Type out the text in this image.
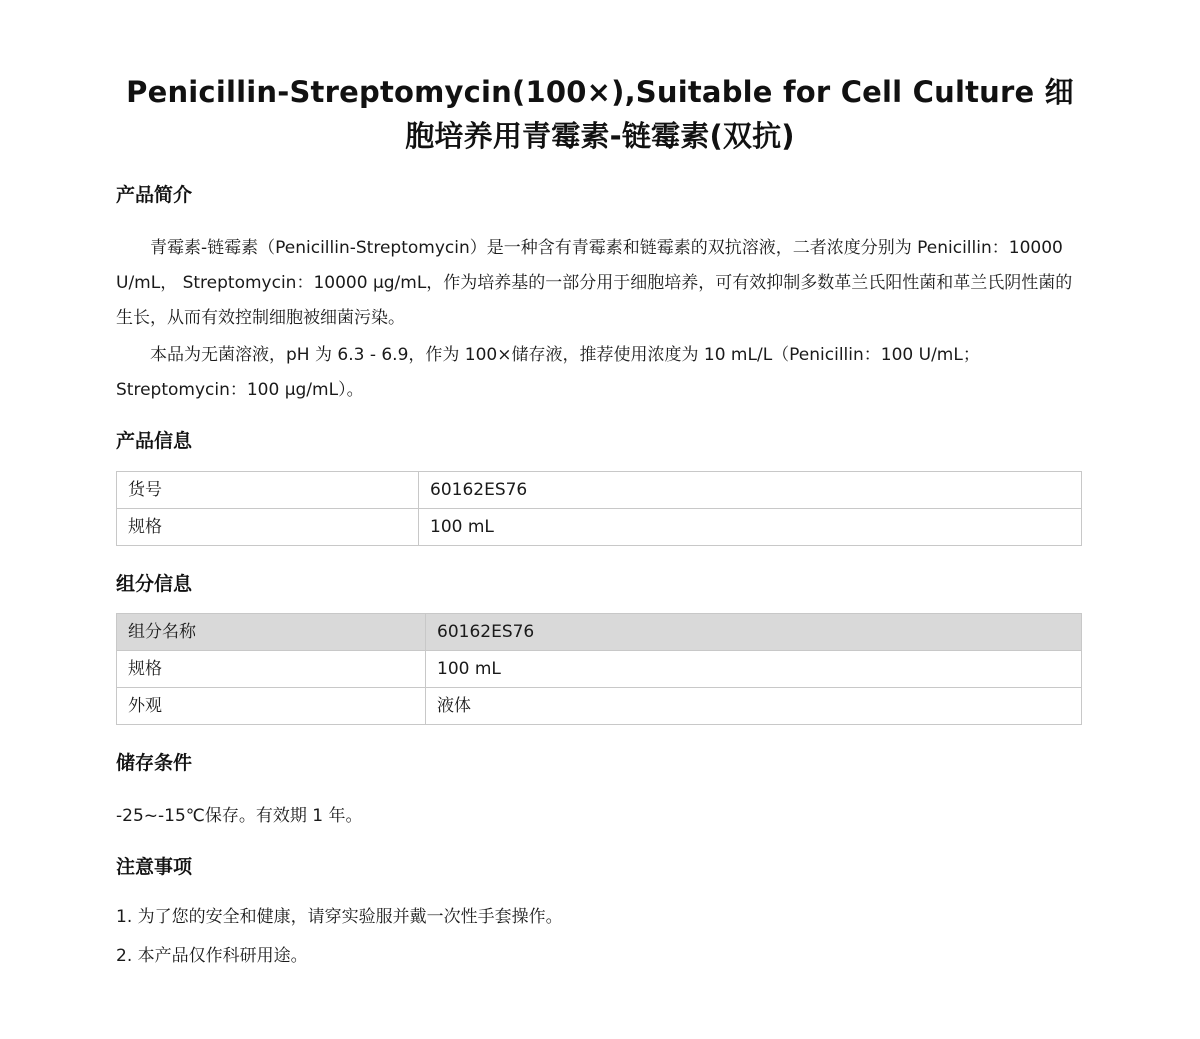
Penicillin-Streptomycin(100×),Suitable for Cell Culture 细胞培养用青霉素-链霉素(双抗)
产品简介

青霉素-链霉素（Penicillin-Streptomycin）是一种含有青霉素和链霉素的双抗溶液，二者浓度分别为 Penicillin：10000 U/mL， Streptomycin：10000 μg/mL，作为培养基的一部分用于细胞培养，可有效抑制多数革兰氏阳性菌和革兰氏阴性菌的生长，从而有效控制细胞被细菌污染。

本品为无菌溶液，pH 为 6.3 - 6.9，作为 100×储存液，推荐使用浓度为 10 mL/L（Penicillin：100 U/mL；Streptomycin：100 μg/mL）。

产品信息
货号	60162ES76
规格	100 mL
组分信息
组分名称	60162ES76
规格	100 mL
外观	液体
储存条件

-25~-15℃保存。有效期 1 年。

注意事项

1. 为了您的安全和健康，请穿实验服并戴一次性手套操作。

2. 本产品仅作科研用途。
